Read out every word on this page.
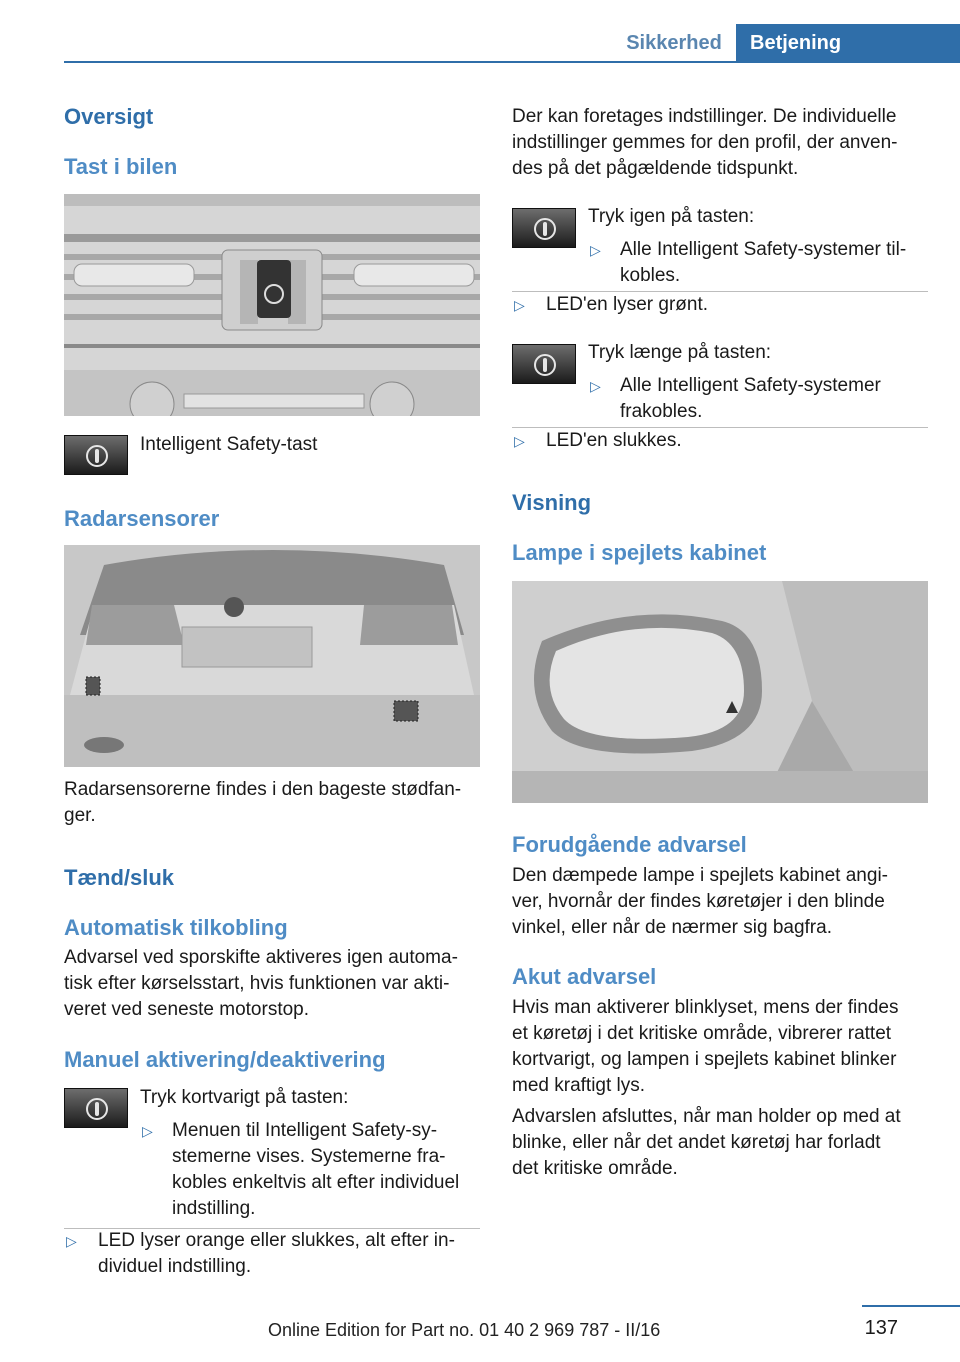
Sikkerhed	Betjening
Oversigt
Tast i bilen
Intelligent Safety-tast
Radarsensorer
Radarsensorerne findes i den bageste stødfan-
ger.
Tænd/sluk
Automatisk tilkobling
Advarsel ved sporskifte aktiveres igen automa-
tisk efter kørselsstart, hvis funktionen var akti-
veret ved seneste motorstop.
Manuel aktivering/deaktivering
Tryk kortvarigt på tasten:
▷ Menuen til Intelligent Safety-sy-
stemerne vises. Systemerne fra-
kobles enkeltvis alt efter individuel
indstilling.
▷ LED lyser orange eller slukkes, alt efter in-
dividuel indstilling.
Der kan foretages indstillinger. De individuelle
indstillinger gemmes for den profil, der anven-
des på det pågældende tidspunkt.
Tryk igen på tasten:
▷ Alle Intelligent Safety-systemer til-
kobles.
▷ LED'en lyser grønt.
Tryk længe på tasten:
▷ Alle Intelligent Safety-systemer
frakobles.
▷ LED'en slukkes.
Visning
Lampe i spejlets kabinet
Forudgående advarsel
Den dæmpede lampe i spejlets kabinet angi-
ver, hvornår der findes køretøjer i den blinde
vinkel, eller når de nærmer sig bagfra.
Akut advarsel
Hvis man aktiverer blinklyset, mens der findes
et køretøj i det kritiske område, vibrerer rattet
kortvarigt, og lampen i spejlets kabinet blinker
med kraftigt lys.
Advarslen afsluttes, når man holder op med at
blinke, eller når det andet køretøj har forladt
det kritiske område.
137
Online Edition for Part no. 01 40 2 969 787 - II/16
